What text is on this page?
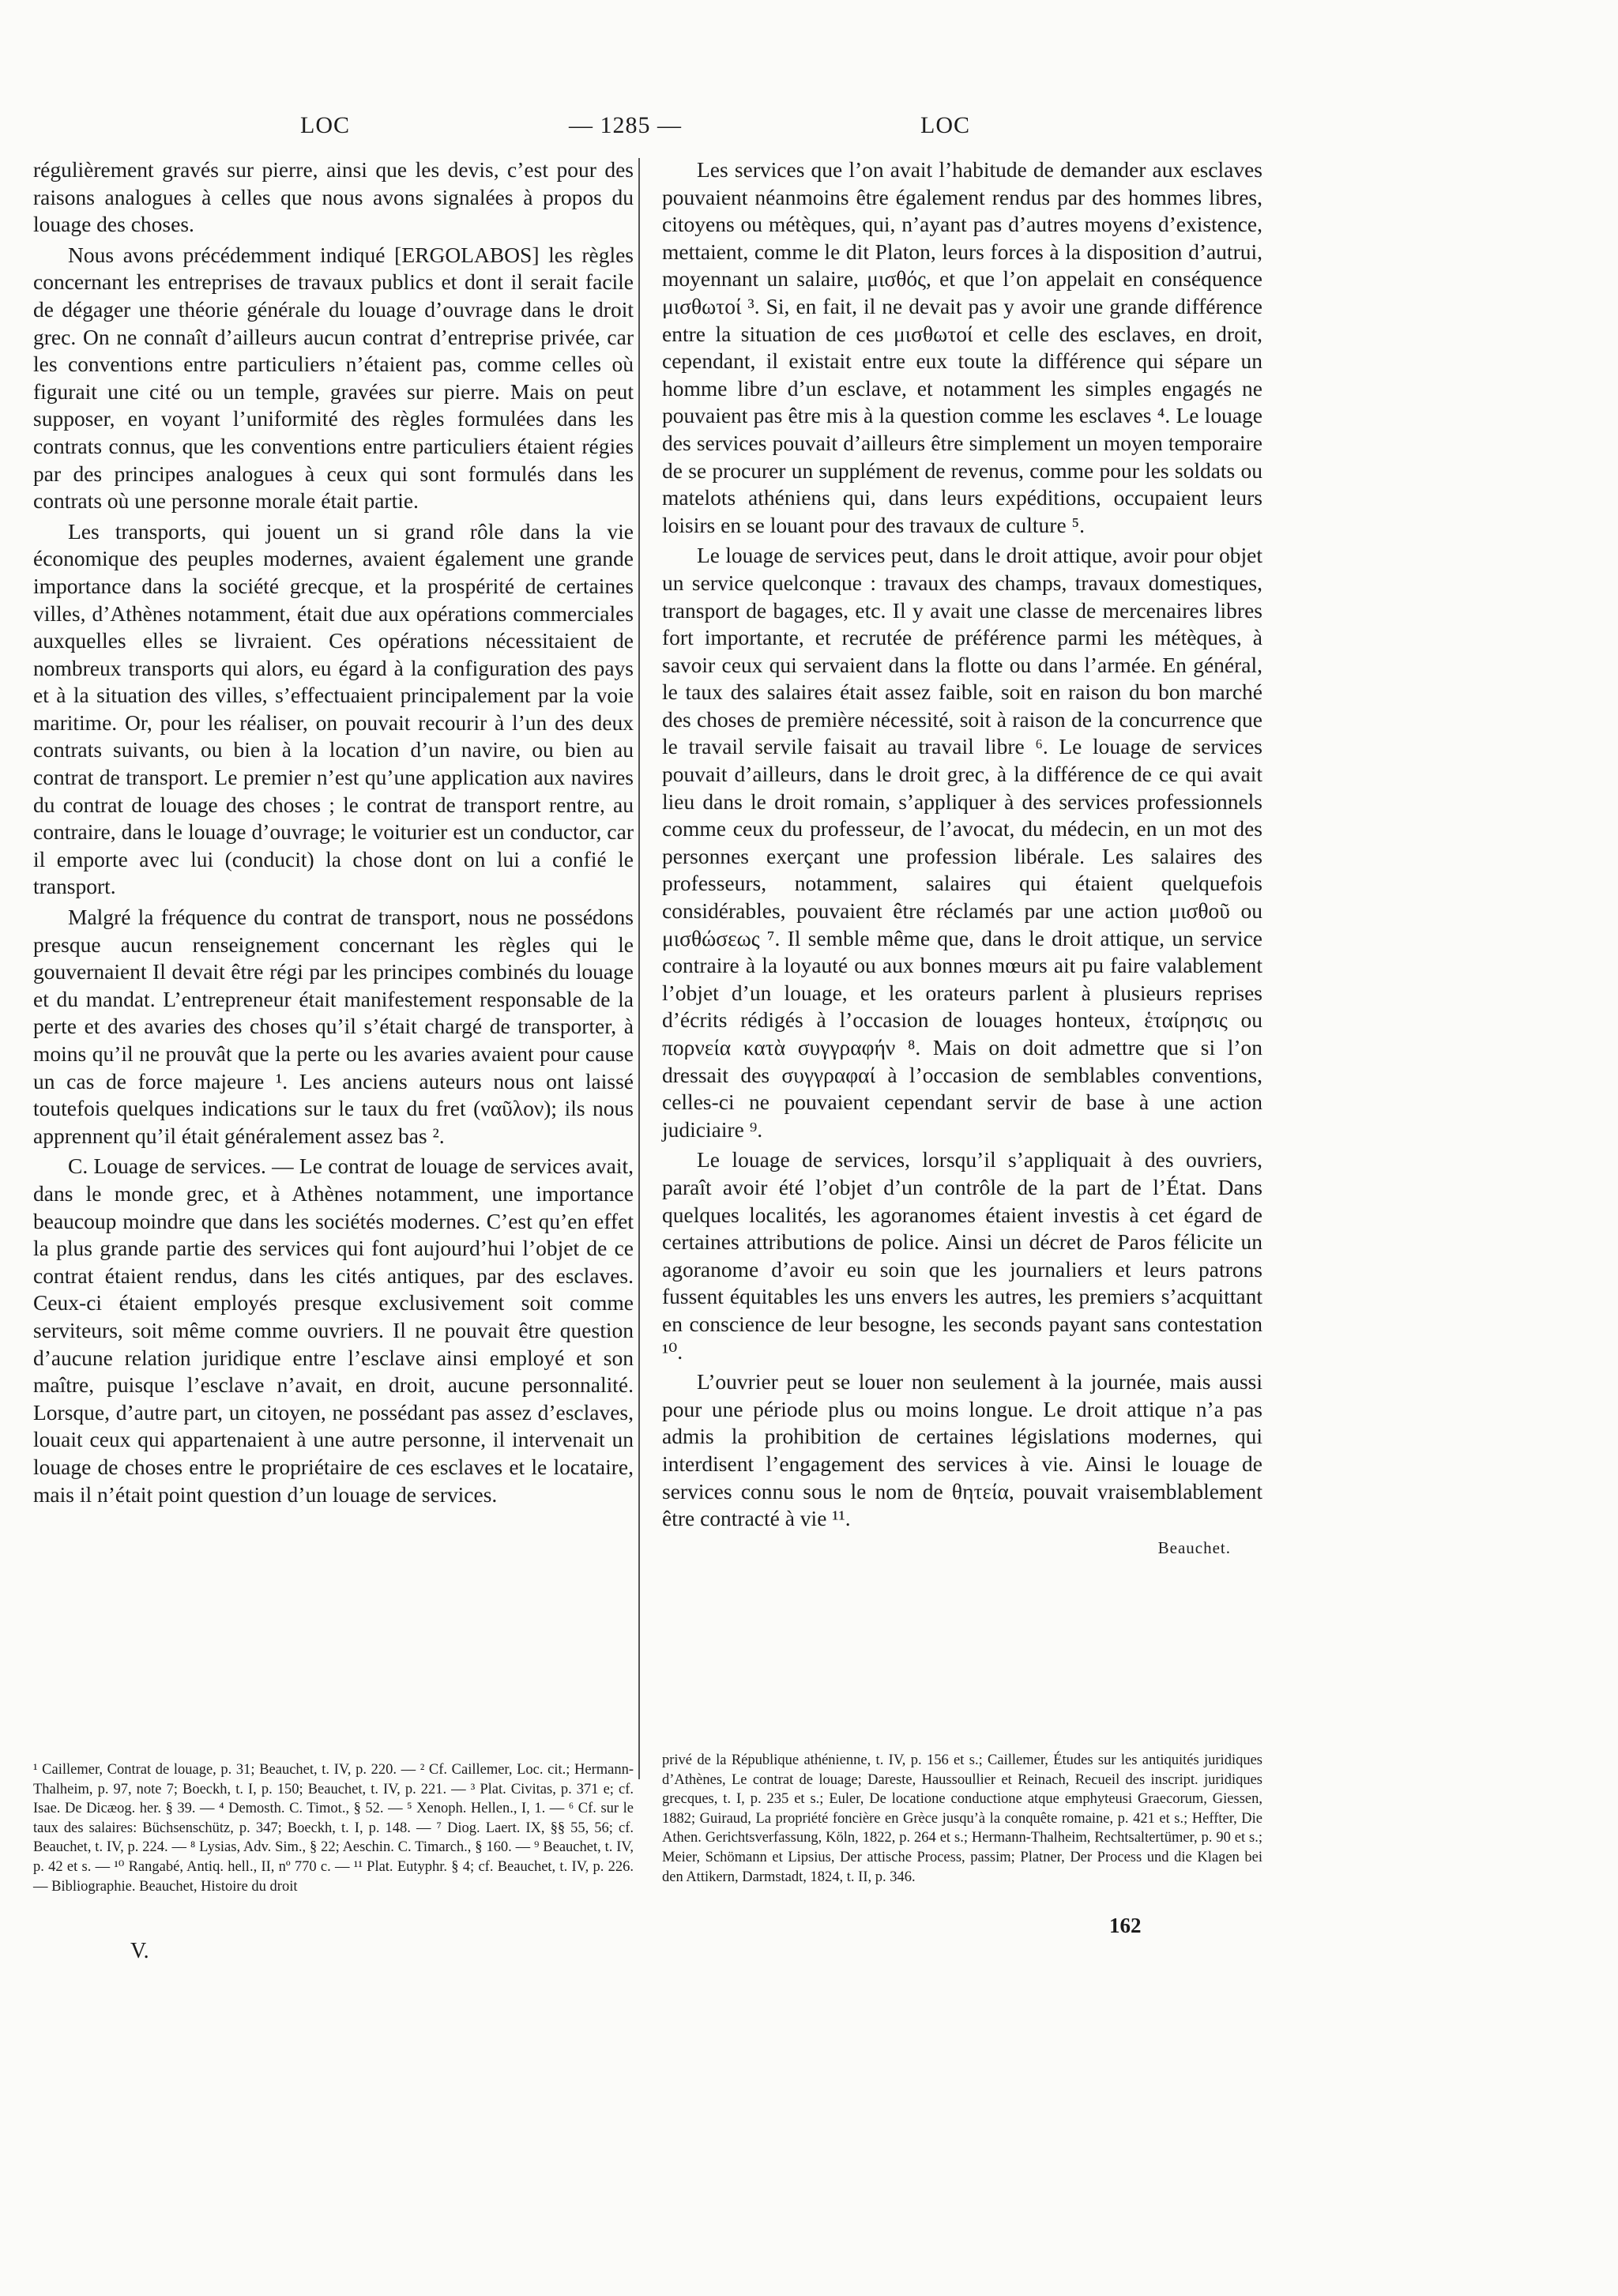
LOC	— 1285 —	LOC

régulièrement gravés sur pierre, ainsi que les devis, c’est pour des raisons analogues à celles que nous avons signalées à propos du louage des choses.

Nous avons précédemment indiqué [ERGOLABOS] les règles concernant les entreprises de travaux publics et dont il serait facile de dégager une théorie générale du louage d’ouvrage dans le droit grec. On ne connaît d’ailleurs aucun contrat d’entreprise privée, car les conventions entre particuliers n’étaient pas, comme celles où figurait une cité ou un temple, gravées sur pierre. Mais on peut supposer, en voyant l’uniformité des règles formulées dans les contrats connus, que les conventions entre particuliers étaient régies par des principes analogues à ceux qui sont formulés dans les contrats où une personne morale était partie.

Les transports, qui jouent un si grand rôle dans la vie économique des peuples modernes, avaient également une grande importance dans la société grecque, et la prospérité de certaines villes, d’Athènes notamment, était due aux opérations commerciales auxquelles elles se livraient. Ces opérations nécessitaient de nombreux transports qui alors, eu égard à la configuration des pays et à la situation des villes, s’effectuaient principalement par la voie maritime. Or, pour les réaliser, on pouvait recourir à l’un des deux contrats suivants, ou bien à la location d’un navire, ou bien au contrat de transport. Le premier n’est qu’une application aux navires du contrat de louage des choses ; le contrat de transport rentre, au contraire, dans le louage d’ouvrage; le voiturier est un conductor, car il emporte avec lui (conducit) la chose dont on lui a confié le transport.

Malgré la fréquence du contrat de transport, nous ne possédons presque aucun renseignement concernant les règles qui le gouvernaient Il devait être régi par les principes combinés du louage et du mandat. L’entrepreneur était manifestement responsable de la perte et des avaries des choses qu’il s’était chargé de transporter, à moins qu’il ne prouvât que la perte ou les avaries avaient pour cause un cas de force majeure ¹. Les anciens auteurs nous ont laissé toutefois quelques indications sur le taux du fret (ναῦλον); ils nous apprennent qu’il était généralement assez bas ².

C. Louage de services. — Le contrat de louage de services avait, dans le monde grec, et à Athènes notamment, une importance beaucoup moindre que dans les sociétés modernes. C’est qu’en effet la plus grande partie des services qui font aujourd’hui l’objet de ce contrat étaient rendus, dans les cités antiques, par des esclaves. Ceux-ci étaient employés presque exclusivement soit comme serviteurs, soit même comme ouvriers. Il ne pouvait être question d’aucune relation juridique entre l’esclave ainsi employé et son maître, puisque l’esclave n’avait, en droit, aucune personnalité. Lorsque, d’autre part, un citoyen, ne possédant pas assez d’esclaves, louait ceux qui appartenaient à une autre personne, il intervenait un louage de choses entre le propriétaire de ces esclaves et le locataire, mais il n’était point question d’un louage de services.

Les services que l’on avait l’habitude de demander aux esclaves pouvaient néanmoins être également rendus par des hommes libres, citoyens ou métèques, qui, n’ayant pas d’autres moyens d’existence, mettaient, comme le dit Platon, leurs forces à la disposition d’autrui, moyennant un salaire, μισθός, et que l’on appelait en conséquence μισθωτοί ³. Si, en fait, il ne devait pas y avoir une grande différence entre la situation de ces μισθωτοί et celle des esclaves, en droit, cependant, il existait entre eux toute la différence qui sépare un homme libre d’un esclave, et notamment les simples engagés ne pouvaient pas être mis à la question comme les esclaves ⁴. Le louage des services pouvait d’ailleurs être simplement un moyen temporaire de se procurer un supplément de revenus, comme pour les soldats ou matelots athéniens qui, dans leurs expéditions, occupaient leurs loisirs en se louant pour des travaux de culture ⁵.

Le louage de services peut, dans le droit attique, avoir pour objet un service quelconque : travaux des champs, travaux domestiques, transport de bagages, etc. Il y avait une classe de mercenaires libres fort importante, et recrutée de préférence parmi les métèques, à savoir ceux qui servaient dans la flotte ou dans l’armée. En général, le taux des salaires était assez faible, soit en raison du bon marché des choses de première nécessité, soit à raison de la concurrence que le travail servile faisait au travail libre ⁶. Le louage de services pouvait d’ailleurs, dans le droit grec, à la différence de ce qui avait lieu dans le droit romain, s’appliquer à des services professionnels comme ceux du professeur, de l’avocat, du médecin, en un mot des personnes exerçant une profession libérale. Les salaires des professeurs, notamment, salaires qui étaient quelquefois considérables, pouvaient être réclamés par une action μισθοῦ ou μισθώσεως ⁷. Il semble même que, dans le droit attique, un service contraire à la loyauté ou aux bonnes mœurs ait pu faire valablement l’objet d’un louage, et les orateurs parlent à plusieurs reprises d’écrits rédigés à l’occasion de louages honteux, ἑταίρησις ou πορνεία κατὰ συγγραφήν ⁸. Mais on doit admettre que si l’on dressait des συγγραφαί à l’occasion de semblables conventions, celles-ci ne pouvaient cependant servir de base à une action judiciaire ⁹.

Le louage de services, lorsqu’il s’appliquait à des ouvriers, paraît avoir été l’objet d’un contrôle de la part de l’État. Dans quelques localités, les agoranomes étaient investis à cet égard de certaines attributions de police. Ainsi un décret de Paros félicite un agoranome d’avoir eu soin que les journaliers et leurs patrons fussent équitables les uns envers les autres, les premiers s’acquittant en conscience de leur besogne, les seconds payant sans contestation ¹⁰.

L’ouvrier peut se louer non seulement à la journée, mais aussi pour une période plus ou moins longue. Le droit attique n’a pas admis la prohibition de certaines législations modernes, qui interdisent l’engagement des services à vie. Ainsi le louage de services connu sous le nom de θητεία, pouvait vraisemblablement être contracté à vie ¹¹.

Beauchet.

¹ Caillemer, Contrat de louage, p. 31; Beauchet, t. IV, p. 220. — ² Cf. Caillemer, Loc. cit.; Hermann-Thalheim, p. 97, note 7; Boeckh, t. I, p. 150; Beauchet, t. IV, p. 221. — ³ Plat. Civitas, p. 371 e; cf. Isae. De Dicæog. her. § 39. — ⁴ Demosth. C. Timot., § 52. — ⁵ Xenoph. Hellen., I, 1. — ⁶ Cf. sur le taux des salaires: Büchsenschütz, p. 347; Boeckh, t. I, p. 148. — ⁷ Diog. Laert. IX, §§ 55, 56; cf. Beauchet, t. IV, p. 224. — ⁸ Lysias, Adv. Sim., § 22; Aeschin. C. Timarch., § 160. — ⁹ Beauchet, t. IV, p. 42 et s. — ¹⁰ Rangabé, Antiq. hell., II, nº 770 c. — ¹¹ Plat. Eutyphr. § 4; cf. Beauchet, t. IV, p. 226. — Bibliographie. Beauchet, Histoire du droit

privé de la République athénienne, t. IV, p. 156 et s.; Caillemer, Études sur les antiquités juridiques d’Athènes, Le contrat de louage; Dareste, Haussoullier et Reinach, Recueil des inscript. juridiques grecques, t. I, p. 235 et s.; Euler, De locatione conductione atque emphyteusi Graecorum, Giessen, 1882; Guiraud, La propriété foncière en Grèce jusqu’à la conquête romaine, p. 421 et s.; Heffter, Die Athen. Gerichtsverfassung, Köln, 1822, p. 264 et s.; Hermann-Thalheim, Rechtsaltertümer, p. 90 et s.; Meier, Schömann et Lipsius, Der attische Process, passim; Platner, Der Process und die Klagen bei den Attikern, Darmstadt, 1824, t. II, p. 346.

V.
162
